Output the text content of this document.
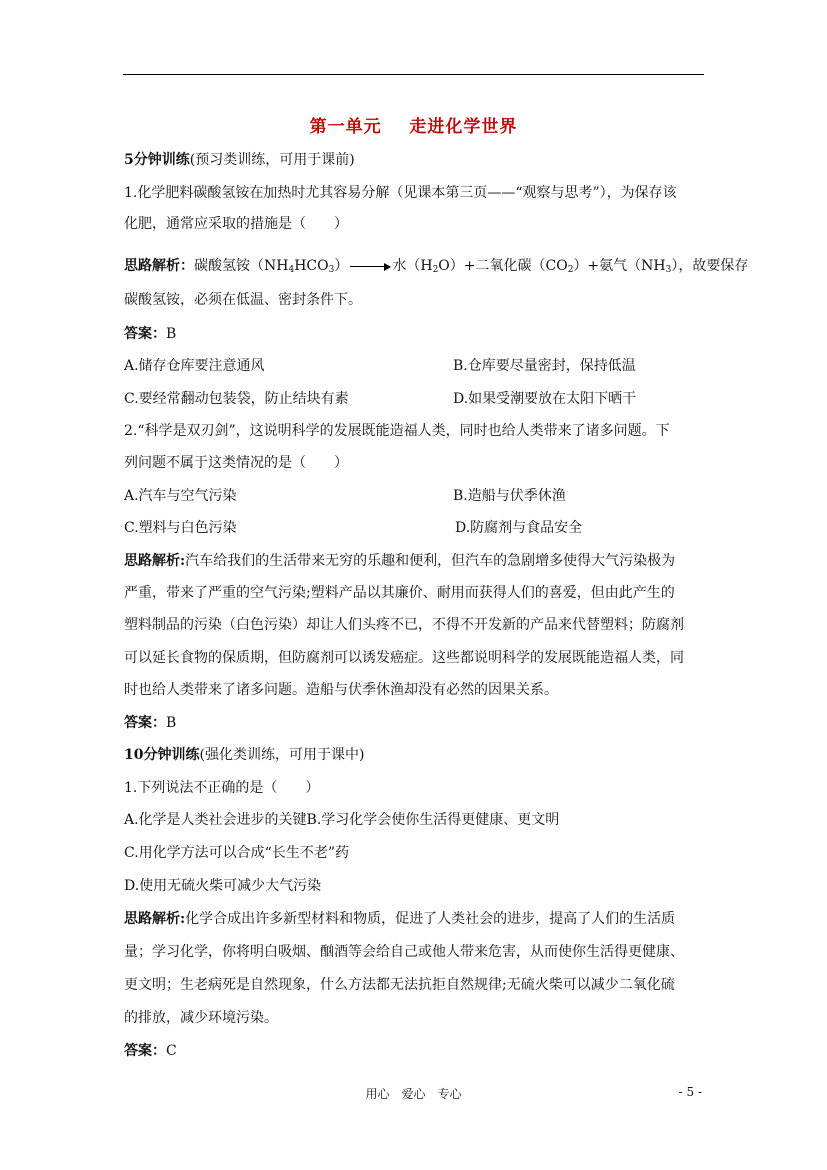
第一单元    走进化学世界
5分钟训练(预习类训练，可用于课前)
1.化学肥料碳酸氢铵在加热时尤其容易分解（见课本第三页——“观察与思考”），为保存该
化肥，通常应采取的措施是（　　）
思路解析：碳酸氢铵$(NH_4HCO_3)$ → 水$(H_2O)+$二氧化碳$(CO_2)+$氨气$(NH_3)$，故要保存
碳酸氢铵，必须在低温、密封条件下。
答案：B
A.储存仓库要注意通风	B.仓库要尽量密封，保持低温
C.要经常翻动包装袋，防止结块有素	D.如果受潮要放在太阳下晒干
2.“科学是双刃剑”，这说明科学的发展既能造福人类，同时也给人类带来了诸多问题。下
列问题不属于这类情况的是（　　）
A.汽车与空气污染	B.造船与伏季休渔
C.塑料与白色污染	D.防腐剂与食品安全
思路解析:汽车给我们的生活带来无穷的乐趣和便利，但汽车的急剧增多使得大气污染极为
严重，带来了严重的空气污染;塑料产品以其廉价、耐用而获得人们的喜爱，但由此产生的
塑料制品的污染（白色污染）却让人们头疼不已，不得不开发新的产品来代替塑料；防腐剂
可以延长食物的保质期，但防腐剂可以诱发癌症。这些都说明科学的发展既能造福人类，同
时也给人类带来了诸多问题。造船与伏季休渔却没有必然的因果关系。
答案：B
10分钟训练(强化类训练，可用于课中)
1.下列说法不正确的是（　　）
A.化学是人类社会进步的关键B.学习化学会使你生活得更健康、更文明
C.用化学方法可以合成“长生不老”药
D.使用无硫火柴可减少大气污染
思路解析:化学合成出许多新型材料和物质，促进了人类社会的进步，提高了人们的生活质
量；学习化学，你将明白吸烟、酗酒等会给自己或他人带来危害，从而使你生活得更健康、
更文明；生老病死是自然现象，什么方法都无法抗拒自然规律;无硫火柴可以减少二氧化硫
的排放，减少环境污染。
答案：C
用心　爱心　专心	- 5 -
